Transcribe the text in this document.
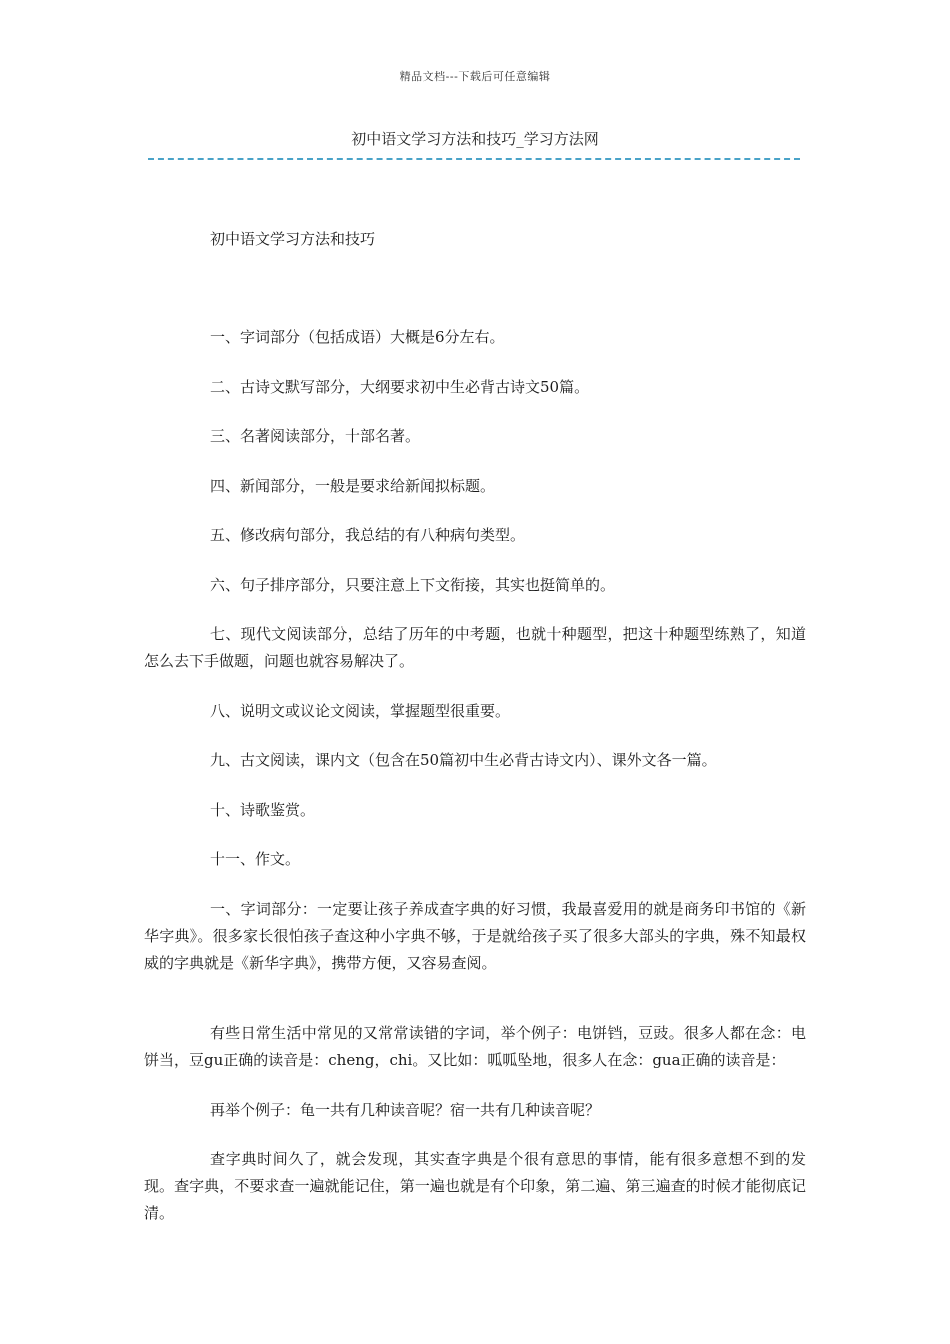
精品文档---下载后可任意编辑
初中语文学习方法和技巧_学习方法网

初中语文学习方法和技巧

一、字词部分（包括成语）大概是6分左右。

二、古诗文默写部分，大纲要求初中生必背古诗文50篇。

三、名著阅读部分，十部名著。

四、新闻部分，一般是要求给新闻拟标题。

五、修改病句部分，我总结的有八种病句类型。

六、句子排序部分，只要注意上下文衔接，其实也挺简单的。

七、现代文阅读部分，总结了历年的中考题，也就十种题型，把这十种题型练熟了，知道怎么去下手做题，问题也就容易解决了。

八、说明文或议论文阅读，掌握题型很重要。

九、古文阅读，课内文（包含在50篇初中生必背古诗文内）、课外文各一篇。

十、诗歌鉴赏。

十一、作文。

一、字词部分：一定要让孩子养成查字典的好习惯，我最喜爱用的就是商务印书馆的《新华字典》。很多家长很怕孩子查这种小字典不够，于是就给孩子买了很多大部头的字典，殊不知最权威的字典就是《新华字典》，携带方便，又容易查阅。

有些日常生活中常见的又常常读错的字词，举个例子：电饼铛，豆豉。很多人都在念：电饼当，豆gu正确的读音是：cheng，chi。又比如：呱呱坠地，很多人在念：gua正确的读音是：

再举个例子：龟一共有几种读音呢？宿一共有几种读音呢？

查字典时间久了，就会发现，其实查字典是个很有意思的事情，能有很多意想不到的发现。查字典，不要求查一遍就能记住，第一遍也就是有个印象，第二遍、第三遍查的时候才能彻底记清。
